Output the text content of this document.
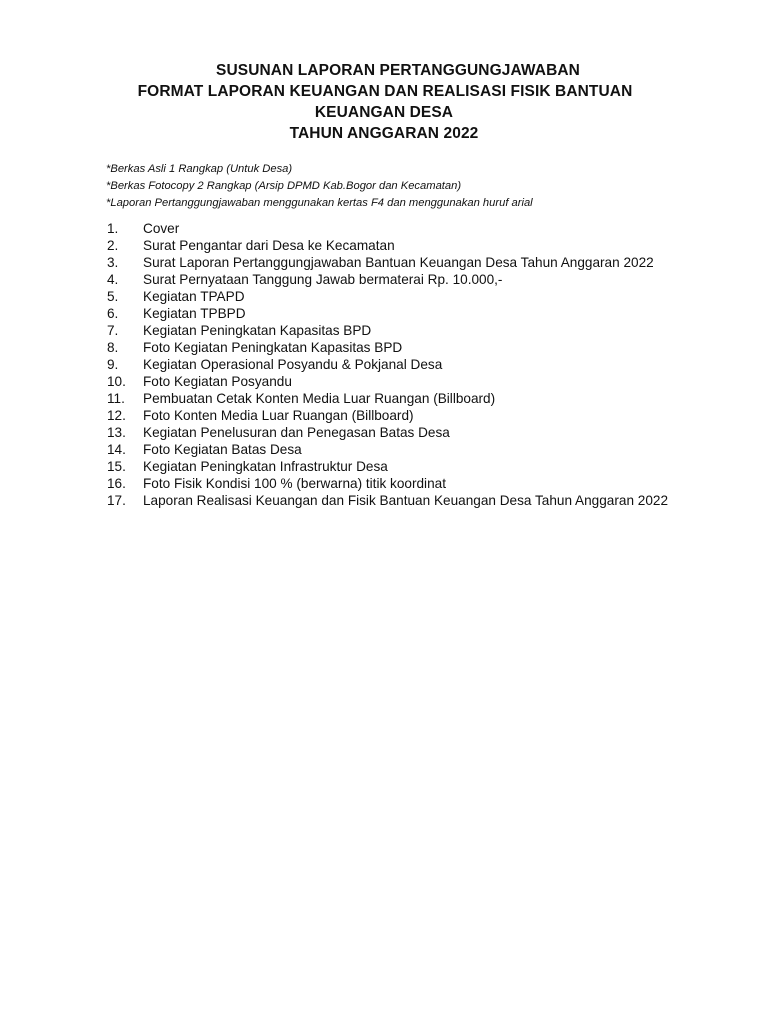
SUSUNAN LAPORAN PERTANGGUNGJAWABAN
FORMAT LAPORAN KEUANGAN DAN REALISASI FISIK BANTUAN
KEUANGAN DESA
TAHUN ANGGARAN 2022
*Berkas Asli 1 Rangkap (Untuk Desa)
*Berkas Fotocopy 2 Rangkap (Arsip DPMD Kab.Bogor dan Kecamatan)
*Laporan Pertanggungjawaban menggunakan kertas F4 dan menggunakan huruf arial
1.	Cover
2.	Surat Pengantar dari Desa ke Kecamatan
3.	Surat Laporan Pertanggungjawaban Bantuan Keuangan Desa Tahun Anggaran 2022
4.	Surat Pernyataan Tanggung Jawab bermaterai Rp. 10.000,-
5.	Kegiatan TPAPD
6.	Kegiatan TPBPD
7.	Kegiatan Peningkatan Kapasitas BPD
8.	Foto Kegiatan Peningkatan Kapasitas BPD
9.	Kegiatan Operasional Posyandu & Pokjanal Desa
10.	Foto Kegiatan Posyandu
11.	Pembuatan Cetak Konten Media Luar Ruangan (Billboard)
12.	Foto Konten Media Luar Ruangan (Billboard)
13.	Kegiatan Penelusuran dan Penegasan Batas Desa
14.	Foto Kegiatan Batas Desa
15.	Kegiatan Peningkatan Infrastruktur Desa
16.	Foto Fisik Kondisi 100 % (berwarna) titik koordinat
17.	Laporan Realisasi Keuangan dan Fisik Bantuan Keuangan Desa Tahun Anggaran 2022
